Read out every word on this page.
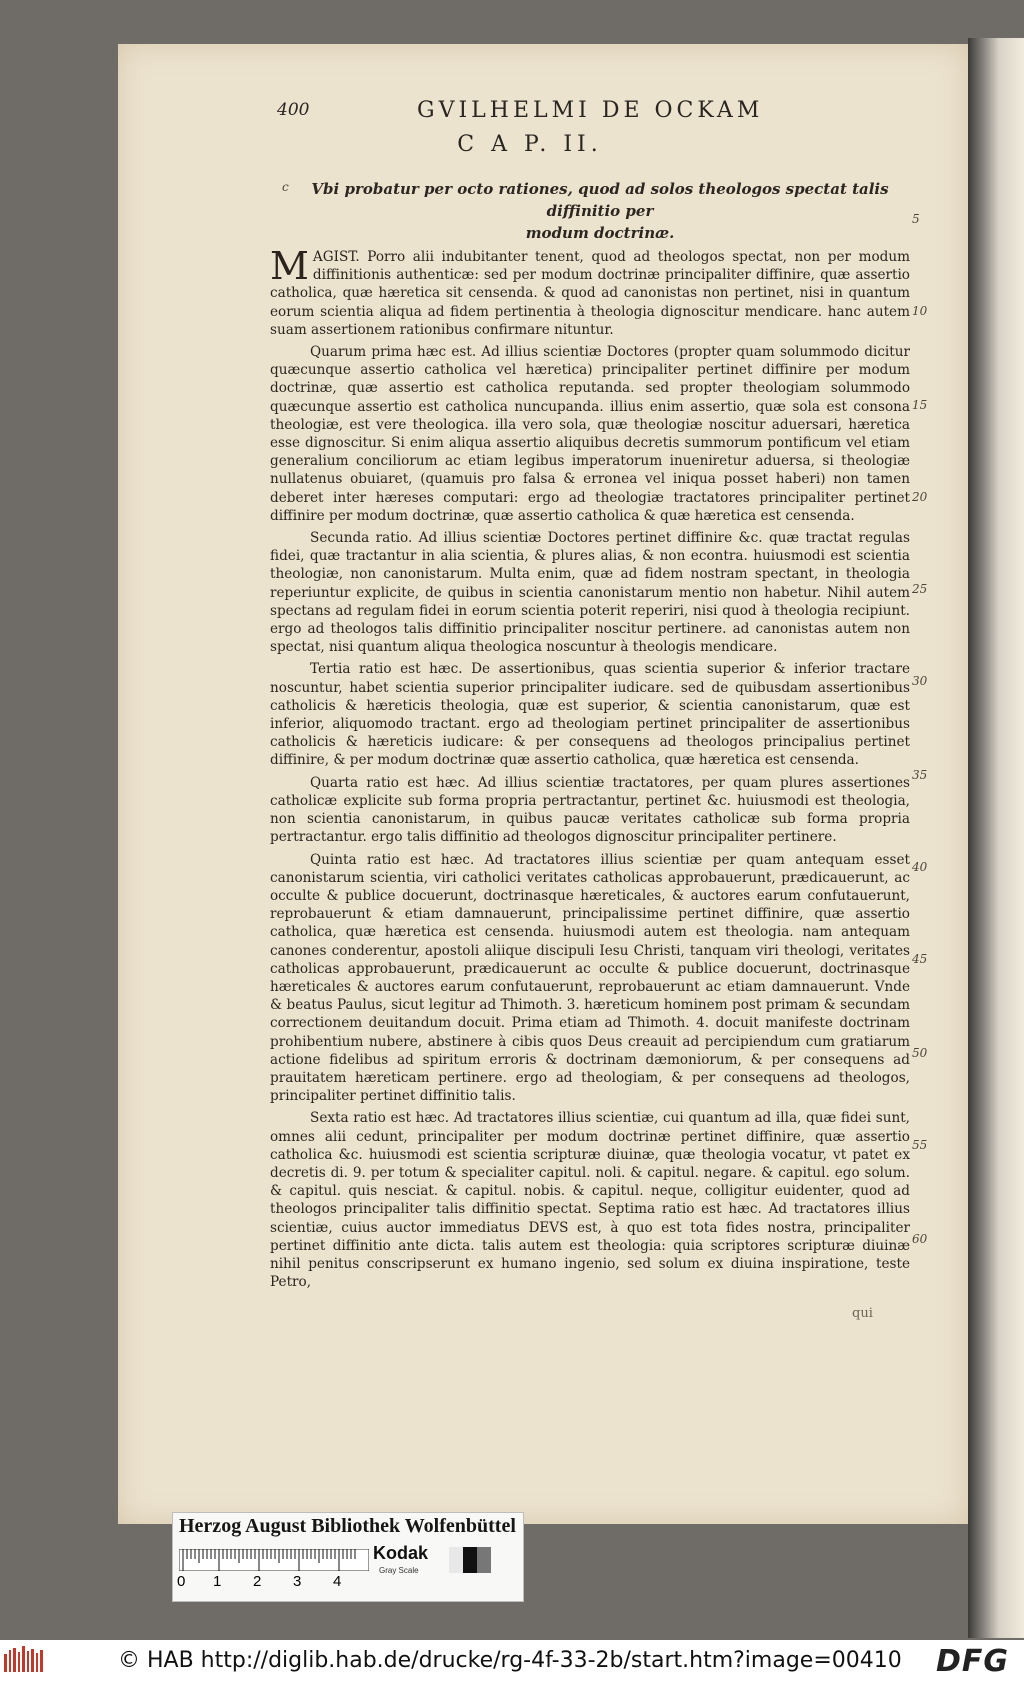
400	GVILHELMI DE OCKAM
C A P. II.
c	Vbi probatur per octo rationes, quod ad solos theologos spectat talis diffinitio per
modum doctrinæ.
5
10
15
20
25
30
35
40
45
50
55
60

MAGIST. Porro alii indubitanter tenent, quod ad theologos spectat, non per modum diffinitionis authenticæ: sed per modum doctrinæ principaliter diffinire, quæ assertio catholica, quæ hæretica sit censenda. & quod ad canonistas non pertinet, nisi in quantum eorum scientia aliqua ad fidem pertinentia à theologia dignoscitur mendicare. hanc autem suam assertionem rationibus confirmare nituntur.

Quarum prima hæc est. Ad illius scientiæ Doctores (propter quam solummodo dicitur quæcunque assertio catholica vel hæretica) principaliter pertinet diffinire per modum doctrinæ, quæ assertio est catholica reputanda. sed propter theologiam solummodo quæcunque assertio est catholica nuncupanda. illius enim assertio, quæ sola est consona theologiæ, est vere theologica. illa vero sola, quæ theologiæ noscitur aduersari, hæretica esse dignoscitur. Si enim aliqua assertio aliquibus decretis summorum pontificum vel etiam generalium conciliorum ac etiam legibus imperatorum inueniretur aduersa, si theologiæ nullatenus obuiaret, (quamuis pro falsa & erronea vel iniqua posset haberi) non tamen deberet inter hæreses computari: ergo ad theologiæ tractatores principaliter pertinet diffinire per modum doctrinæ, quæ assertio catholica & quæ hæretica est censenda.

Secunda ratio. Ad illius scientiæ Doctores pertinet diffinire &c. quæ tractat regulas fidei, quæ tractantur in alia scientia, & plures alias, & non econtra. huiusmodi est scientia theologiæ, non canonistarum. Multa enim, quæ ad fidem nostram spectant, in theologia reperiuntur explicite, de quibus in scientia canonistarum mentio non habetur. Nihil autem spectans ad regulam fidei in eorum scientia poterit reperiri, nisi quod à theologia recipiunt. ergo ad theologos talis diffinitio principaliter noscitur pertinere. ad canonistas autem non spectat, nisi quantum aliqua theologica noscuntur à theologis mendicare.

Tertia ratio est hæc. De assertionibus, quas scientia superior & inferior tractare noscuntur, habet scientia superior principaliter iudicare. sed de quibusdam assertionibus catholicis & hæreticis theologia, quæ est superior, & scientia canonistarum, quæ est inferior, aliquomodo tractant. ergo ad theologiam pertinet principaliter de assertionibus catholicis & hæreticis iudicare: & per consequens ad theologos principalius pertinet diffinire, & per modum doctrinæ quæ assertio catholica, quæ hæretica est censenda.

Quarta ratio est hæc. Ad illius scientiæ tractatores, per quam plures assertiones catholicæ explicite sub forma propria pertractantur, pertinet &c. huiusmodi est theologia, non scientia canonistarum, in quibus paucæ veritates catholicæ sub forma propria pertractantur. ergo talis diffinitio ad theologos dignoscitur principaliter pertinere.

Quinta ratio est hæc. Ad tractatores illius scientiæ per quam antequam esset canonistarum scientia, viri catholici veritates catholicas approbauerunt, prædicauerunt, ac occulte & publice docuerunt, doctrinasque hæreticales, & auctores earum confutauerunt, reprobauerunt & etiam damnauerunt, principalissime pertinet diffinire, quæ assertio catholica, quæ hæretica est censenda. huiusmodi autem est theologia. nam antequam canones conderentur, apostoli aliique discipuli Iesu Christi, tanquam viri theologi, veritates catholicas approbauerunt, prædicauerunt ac occulte & publice docuerunt, doctrinasque hæreticales & auctores earum confutauerunt, reprobauerunt ac etiam damnauerunt. Vnde & beatus Paulus, sicut legitur ad Thimoth. 3. hæreticum hominem post primam & secundam correctionem deuitandum docuit. Prima etiam ad Thimoth. 4. docuit manifeste doctrinam prohibentium nubere, abstinere à cibis quos Deus creauit ad percipiendum cum gratiarum actione fidelibus ad spiritum erroris & doctrinam dæmoniorum, & per consequens ad prauitatem hæreticam pertinere. ergo ad theologiam, & per consequens ad theologos, principaliter pertinet diffinitio talis.

Sexta ratio est hæc. Ad tractatores illius scientiæ, cui quantum ad illa, quæ fidei sunt, omnes alii cedunt, principaliter per modum doctrinæ pertinet diffinire, quæ assertio catholica &c. huiusmodi est scientia scripturæ diuinæ, quæ theologia vocatur, vt patet ex decretis di. 9. per totum & specialiter capitul. noli. & capitul. negare. & capitul. ego solum. & capitul. quis nesciat. & capitul. nobis. & capitul. neque, colligitur euidenter, quod ad theologos principaliter talis diffinitio spectat. Septima ratio est hæc. Ad tractatores illius scientiæ, cuius auctor immediatus DEVS est, à quo est tota fides nostra, principaliter pertinet diffinitio ante dicta. talis autem est theologia: quia scriptores scripturæ diuinæ nihil penitus conscripserunt ex humano ingenio, sed solum ex diuina inspiratione, teste Petro,

qui
Herzog August Bibliothek Wolfenbüttel
0 1 2 3 4
Kodak
Gray Scale
© HAB http://diglib.hab.de/drucke/rg-4f-33-2b/start.htm?image=00410 DFG
